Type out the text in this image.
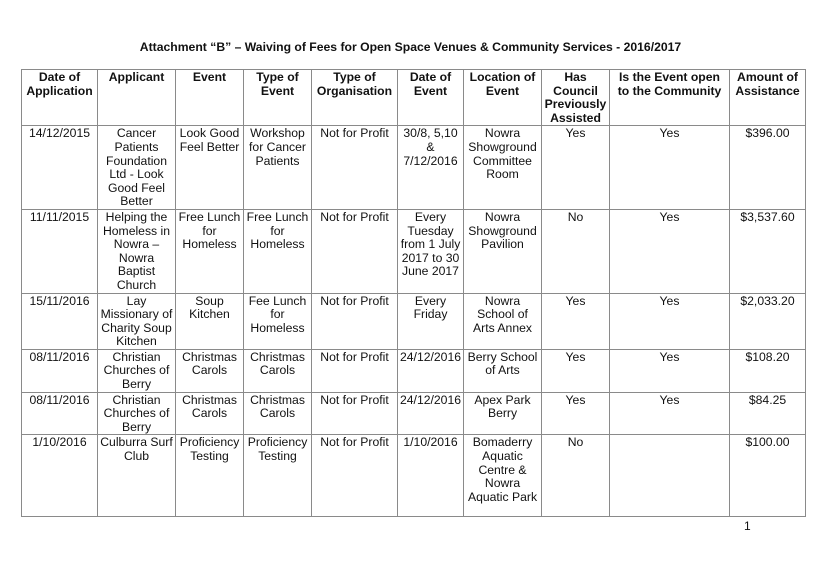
Attachment “B” – Waiving of Fees for Open Space Venues & Community Services - 2016/2017
Date of Application	Applicant	Event	Type of Event	Type of Organisation	Date of Event	Location of Event	Has Council Previously Assisted	Is the Event open to the Community	Amount of Assistance
14/12/2015	Cancer Patients Foundation Ltd - Look Good Feel Better	Look Good Feel Better	Workshop for Cancer Patients	Not for Profit	30/8, 5,10 & 7/12/2016	Nowra Showground Committee Room	Yes	Yes	$396.00
11/11/2015	Helping the Homeless in Nowra – Nowra Baptist Church	Free Lunch for Homeless	Free Lunch for Homeless	Not for Profit	Every Tuesday from 1 July 2017 to 30 June 2017	Nowra Showground Pavilion	No	Yes	$3,537.60
15/11/2016	Lay Missionary of Charity Soup Kitchen	Soup Kitchen	Fee Lunch for Homeless	Not for Profit	Every Friday	Nowra School of Arts Annex	Yes	Yes	$2,033.20
08/11/2016	Christian Churches of Berry	Christmas Carols	Christmas Carols	Not for Profit	24/12/2016	Berry School of Arts	Yes	Yes	$108.20
08/11/2016	Christian Churches of Berry	Christmas Carols	Christmas Carols	Not for Profit	24/12/2016	Apex Park Berry	Yes	Yes	$84.25
1/10/2016	Culburra Surf Club	Proficiency Testing	Proficiency Testing	Not for Profit	1/10/2016	Bomaderry Aquatic Centre & Nowra Aquatic Park	No		$100.00
1
